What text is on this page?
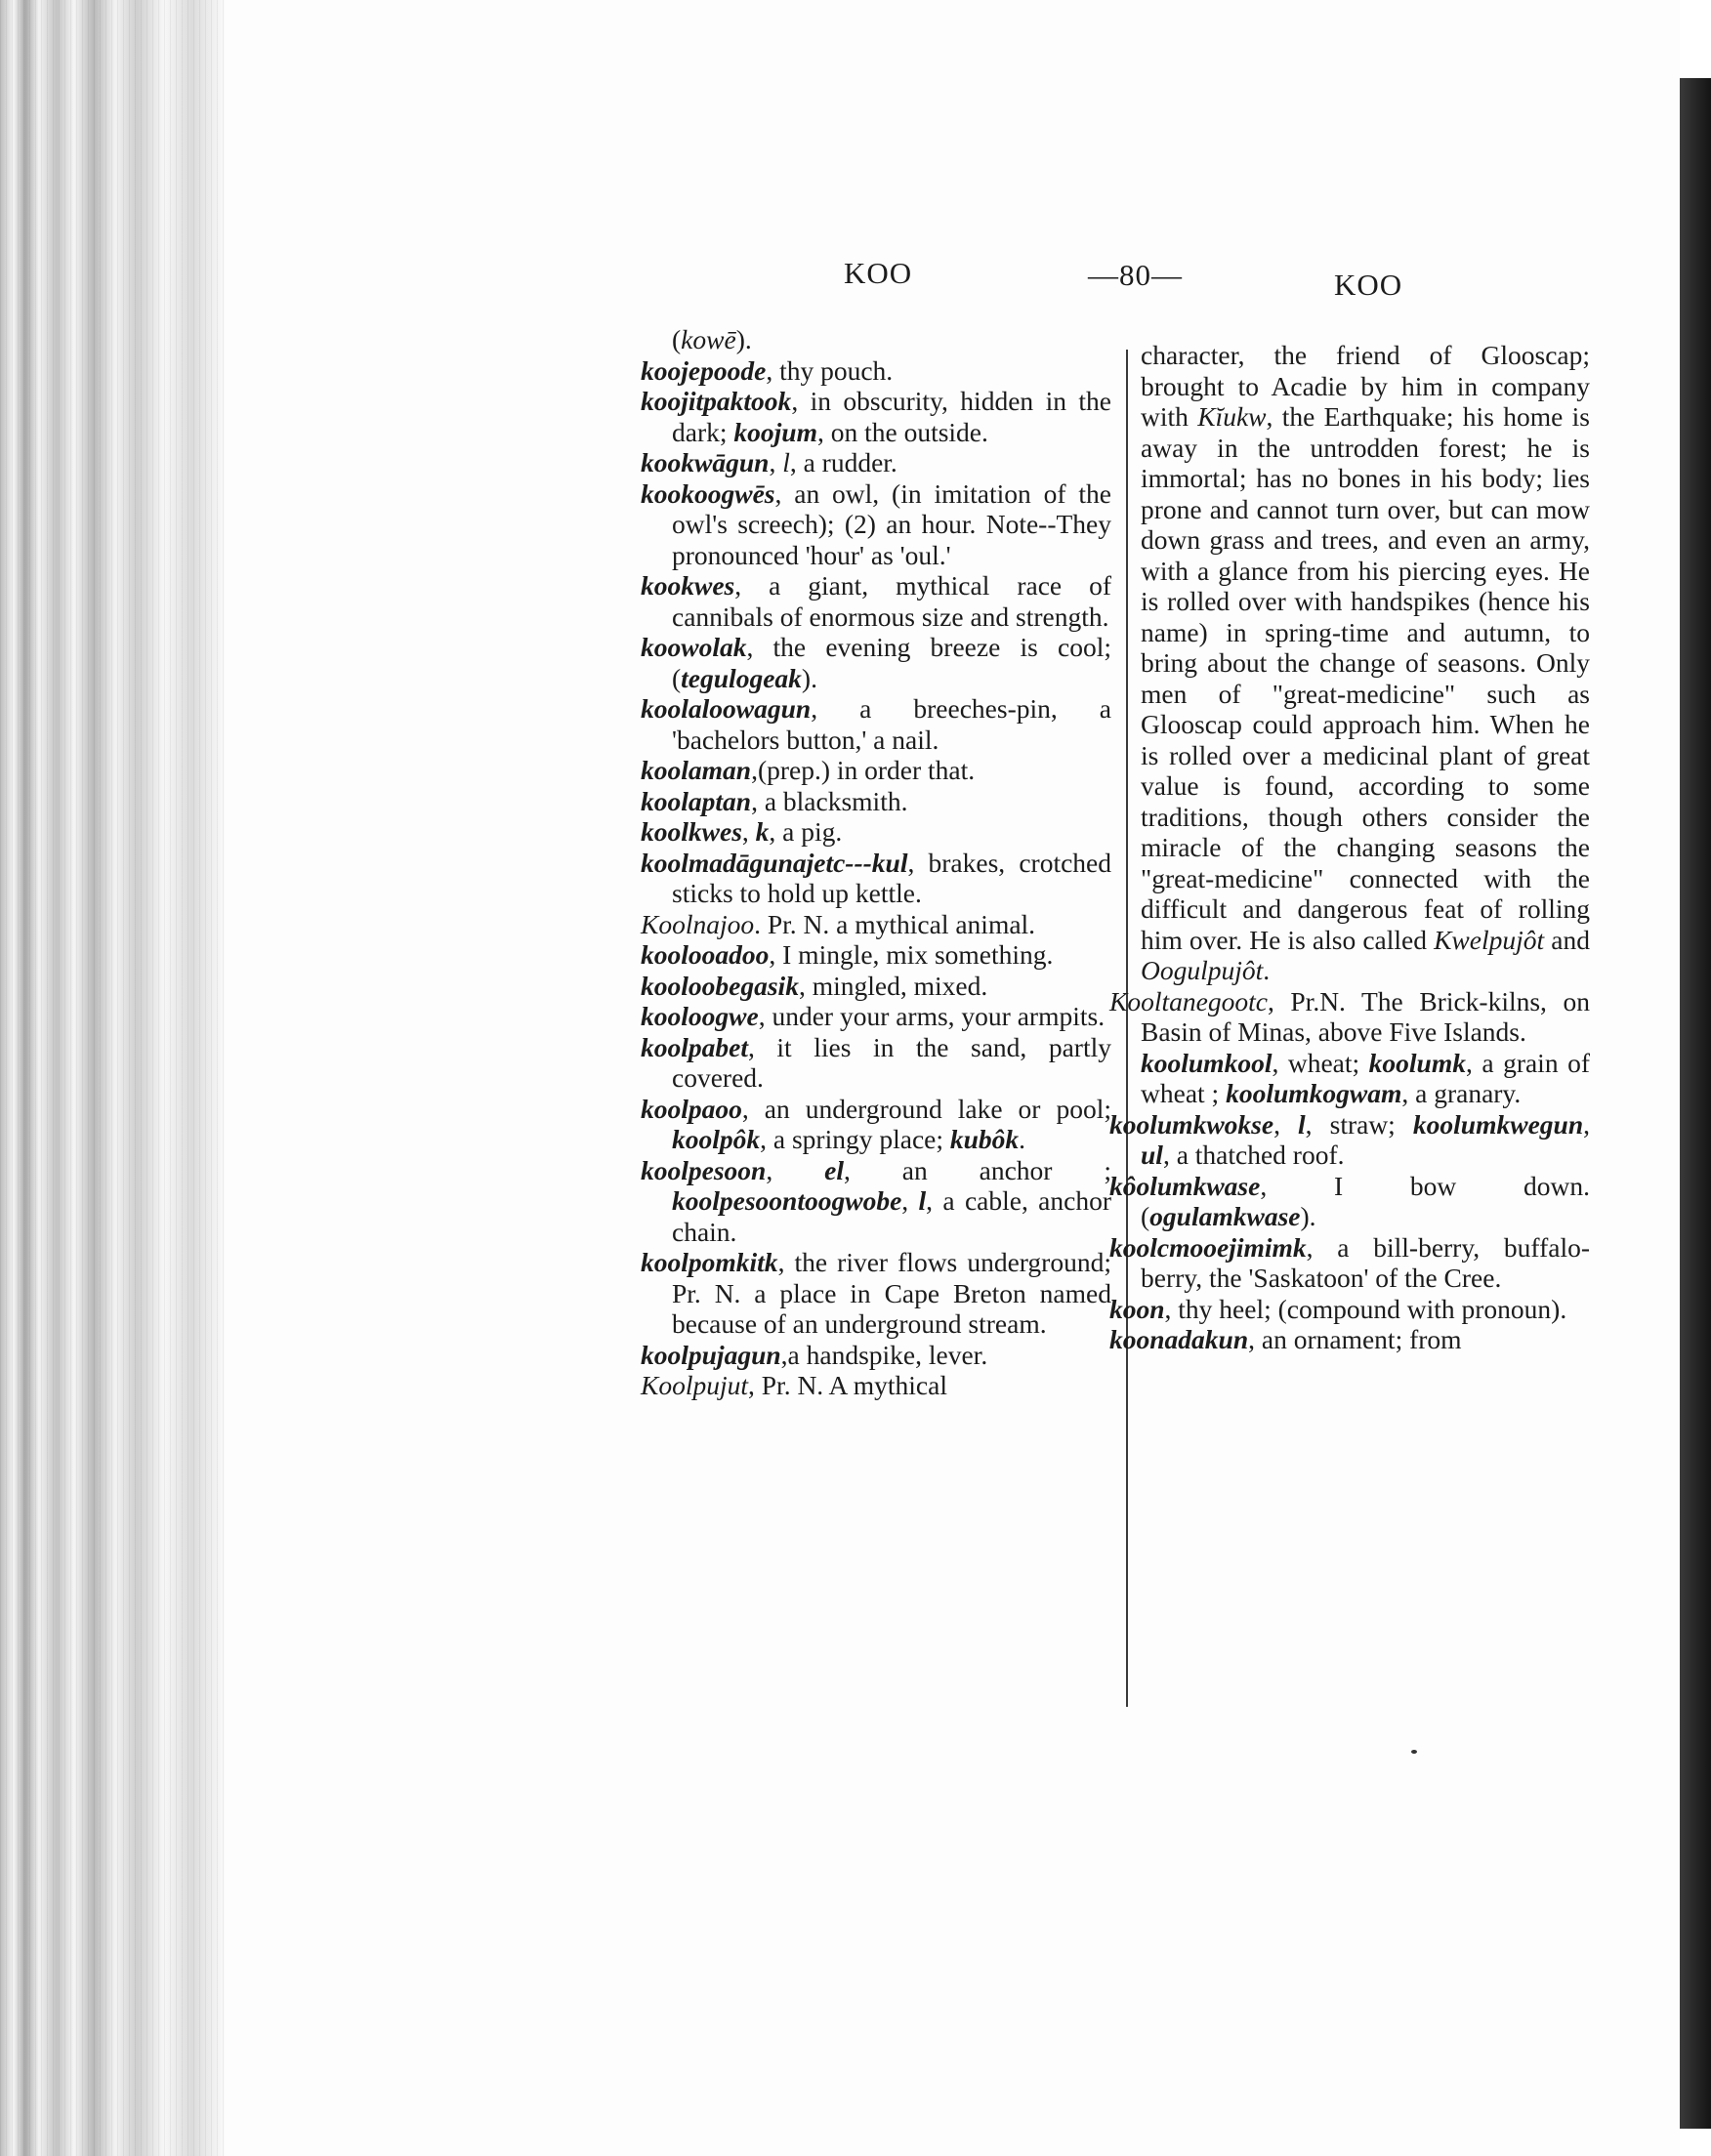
KOO	—80—	KOO

(kowē).

koojepoode, thy pouch.

koojitpaktook, in obscurity, hidden in the dark; koojum, on the outside.

kookwāgun, l, a rudder.

kookoogwēs, an owl, (in imitation of the owl's screech); (2) an hour. Note--They pronounced 'hour' as 'oul.'

kookwes, a giant, mythical race of cannibals of enormous size and strength.

koowolak, the evening breeze is cool; (tegulogeak).

koolaloowagun, a breeches-pin, a 'bachelors button,' a nail.

koolaman,(prep.) in order that.

koolaptan, a blacksmith.

koolkwes, k, a pig.

koolmadāgunajetc---kul, brakes, crotched sticks to hold up kettle.

Koolnajoo. Pr. N. a mythical animal.

koolooadoo, I mingle, mix something.

kooloobegasik, mingled, mixed.

kooloogwe, under your arms, your armpits.

koolpabet, it lies in the sand, partly covered.

koolpaoo, an underground lake or pool; koolpôk, a springy place; kubôk.

koolpesoon, el, an anchor ; koolpesoontoogwobe, l, a cable, anchor chain.

koolpomkitk, the river flows underground; Pr. N. a place in Cape Breton named because of an underground stream.

koolpujagun,a handspike, lever.

Koolpujut, Pr. N. A mythical

character, the friend of Glooscap; brought to Acadie by him in company with Kĭukw, the Earthquake; his home is away in the untrodden forest; he is immortal; has no bones in his body; lies prone and cannot turn over, but can mow down grass and trees, and even an army, with a glance from his piercing eyes. He is rolled over with handspikes (hence his name) in spring-time and autumn, to bring about the change of seasons. Only men of "great-medicine" such as Glooscap could approach him. When he is rolled over a medicinal plant of great value is found, according to some traditions, though others consider the miracle of the changing seasons the "great-medicine" connected with the difficult and dangerous feat of rolling him over. He is also called Kwelpujôt and Oogulpujôt.

Kooltanegootc, Pr.N. The Brick-kilns, on Basin of Minas, above Five Islands.

koolumkool, wheat; koolumk, a grain of wheat ; koolumkogwam, a granary.

koolumkwokse, l, straw; koolumkwegun, ul, a thatched roof.

kôolumkwase, I bow down. (ogulamkwase).

koolcmooejimimk, a bill-berry, buffalo-berry, the 'Saskatoon' of the Cree.

koon, thy heel; (compound with pronoun).

koonadakun, an ornament; from
